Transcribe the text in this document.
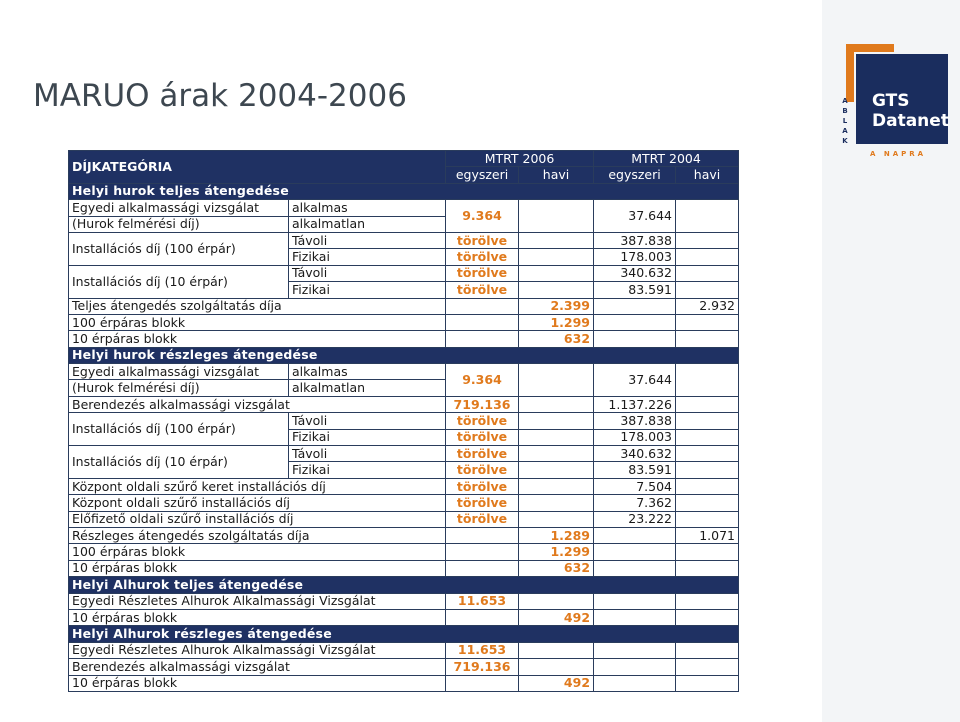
MARUO árak 2004-2006	GTS
Datanet
A
B
L
A
K
A NAPRA
DÍJKATEGÓRIA		MTRT 2006		MTRT 2004	
		egyszeri	havi	egyszeri	havi
Helyi hurok teljes átengedése					
Egyedi alkalmassági vizsgálat	alkalmas	9.364		37.644	
(Hurok felmérési díj)	alkalmatlan				
Installációs díj (100 érpár)	Távoli	törölve		387.838	
	Fizikai	törölve		178.003	
Installációs díj (10 érpár)	Távoli	törölve		340.632	
	Fizikai	törölve		83.591	
Teljes átengedés szolgáltatás díja			2.399		2.932
100 érpáras blokk			1.299		
10 érpáras blokk			632		
Helyi hurok részleges átengedése					
Egyedi alkalmassági vizsgálat	alkalmas	9.364		37.644	
(Hurok felmérési díj)	alkalmatlan				
Berendezés alkalmassági vizsgálat		719.136		1.137.226	
Installációs díj (100 érpár)	Távoli	törölve		387.838	
	Fizikai	törölve		178.003	
Installációs díj (10 érpár)	Távoli	törölve		340.632	
	Fizikai	törölve		83.591	
Központ oldali szűrő keret installációs díj		törölve		7.504	
Központ oldali szűrő installációs díj		törölve		7.362	
Előfizető oldali szűrő installációs díj		törölve		23.222	
Részleges átengedés szolgáltatás díja			1.289		1.071
100 érpáras blokk			1.299		
10 érpáras blokk			632		
Helyi Alhurok teljes átengedése					
Egyedi Részletes Alhurok Alkalmassági Vizsgálat		11.653			
10 érpáras blokk			492		
Helyi Alhurok részleges átengedése					
Egyedi Részletes Alhurok Alkalmassági Vizsgálat		11.653			
Berendezés alkalmassági vizsgálat		719.136			
10 érpáras blokk			492		
